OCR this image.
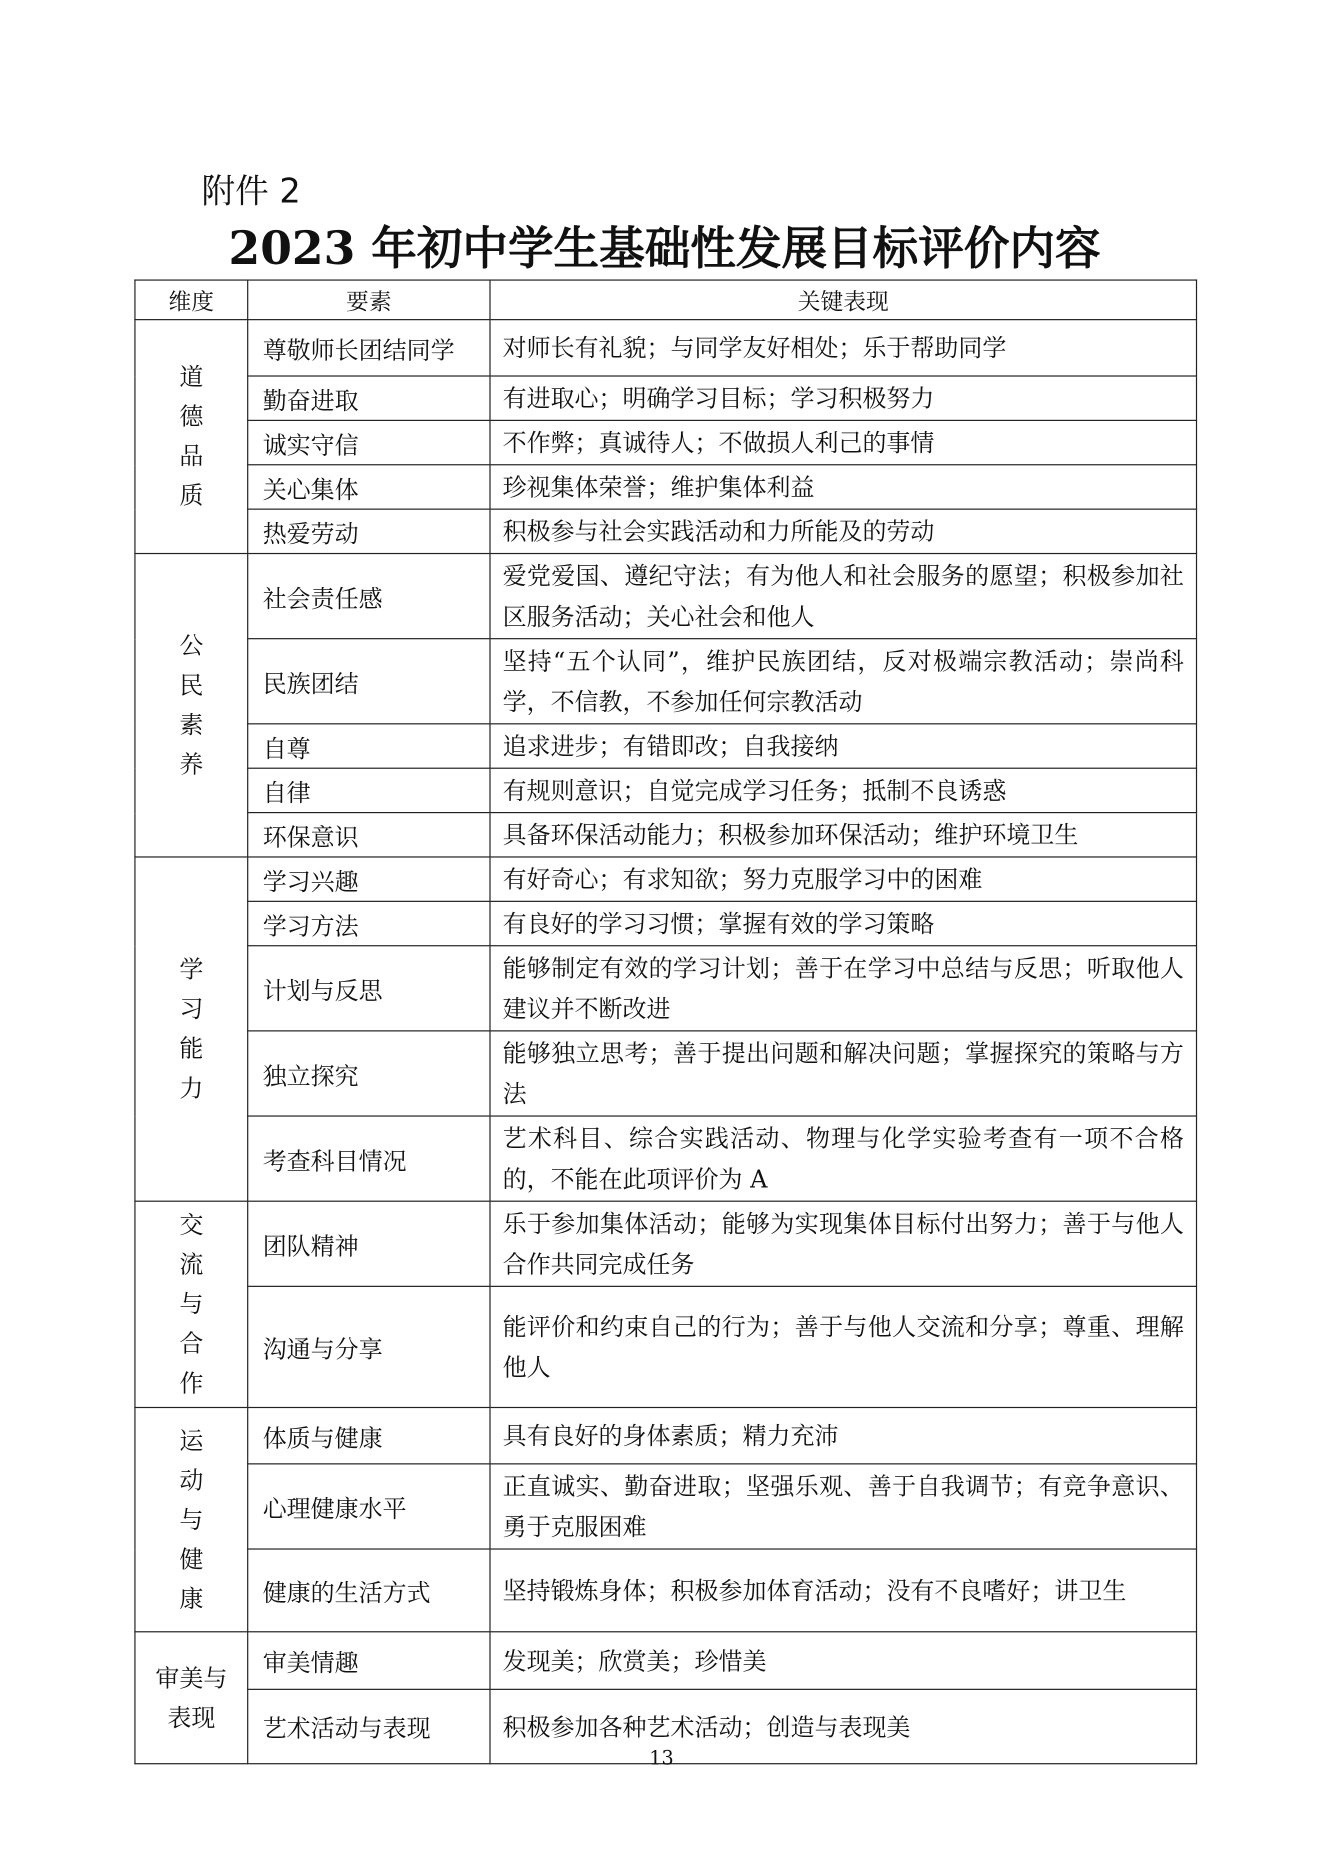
附件 2
2023 年初中学生基础性发展目标评价内容
维度	要素	关键表现

道
德
品
质	尊敬师长团结同学	对师长有礼貌；与同学友好相处；乐于帮助同学
	勤奋进取	有进取心；明确学习目标；学习积极努力
	诚实守信	不作弊；真诚待人；不做损人利己的事情
	关心集体	珍视集体荣誉；维护集体利益
	热爱劳动	积极参与社会实践活动和力所能及的劳动

公
民
素
养	社会责任感	爱党爱国、遵纪守法；有为他人和社会服务的愿望；积极参加社区服务活动；关心社会和他人
	民族团结	坚持“五个认同”，维护民族团结，反对极端宗教活动；崇尚科学，不信教，不参加任何宗教活动
	自尊	追求进步；有错即改；自我接纳
	自律	有规则意识；自觉完成学习任务；抵制不良诱惑
	环保意识	具备环保活动能力；积极参加环保活动；维护环境卫生

学
习
能
力	学习兴趣	有好奇心；有求知欲；努力克服学习中的困难
	学习方法	有良好的学习习惯；掌握有效的学习策略
	计划与反思	能够制定有效的学习计划；善于在学习中总结与反思；听取他人建议并不断改进
	独立探究	能够独立思考；善于提出问题和解决问题；掌握探究的策略与方法
	考查科目情况	艺术科目、综合实践活动、物理与化学实验考查有一项不合格的，不能在此项评价为 A

交
流
与
合
作	团队精神	乐于参加集体活动；能够为实现集体目标付出努力；善于与他人合作共同完成任务
	沟通与分享	能评价和约束自己的行为；善于与他人交流和分享；尊重、理解他人

运
动
与
健
康	体质与健康	具有良好的身体素质；精力充沛
	心理健康水平	正直诚实、勤奋进取；坚强乐观、善于自我调节；有竞争意识、勇于克服困难
	健康的生活方式	坚持锻炼身体；积极参加体育活动；没有不良嗜好；讲卫生

审美与
表现	审美情趣	发现美；欣赏美；珍惜美
	艺术活动与表现	积极参加各种艺术活动；创造与表现美
13
